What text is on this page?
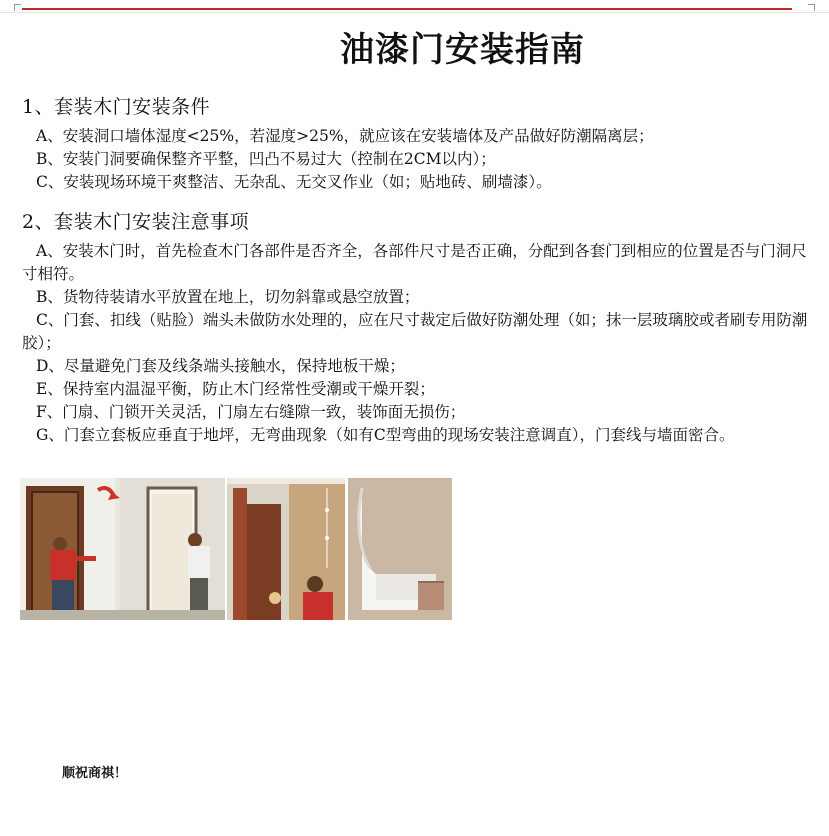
油漆门安装指南
1、套装木门安装条件
A、安装洞口墙体湿度<25%，若湿度>25%，就应该在安装墙体及产品做好防潮隔离层；
B、安装门洞要确保整齐平整，凹凸不易过大（控制在2CM以内）；
C、安装现场环境干爽整洁、无杂乱、无交叉作业（如；贴地砖、刷墙漆）。
2、套装木门安装注意事项
A、安装木门时，首先检查木门各部件是否齐全，各部件尺寸是否正确，分配到各套门到相应的位置是否与门洞尺寸相符。
B、货物待装请水平放置在地上，切勿斜靠或悬空放置；
C、门套、扣线（贴脸）端头未做防水处理的，应在尺寸裁定后做好防潮处理（如；抹一层玻璃胶或者刷专用防潮胶）；
D、尽量避免门套及线条端头接触水，保持地板干燥；
E、保持室内温湿平衡，防止木门经常性受潮或干燥开裂；
F、门扇、门锁开关灵活，门扇左右缝隙一致，装饰面无损伤；
G、门套立套板应垂直于地坪，无弯曲现象（如有C型弯曲的现场安装注意调直），门套线与墙面密合。
顺祝商祺！
